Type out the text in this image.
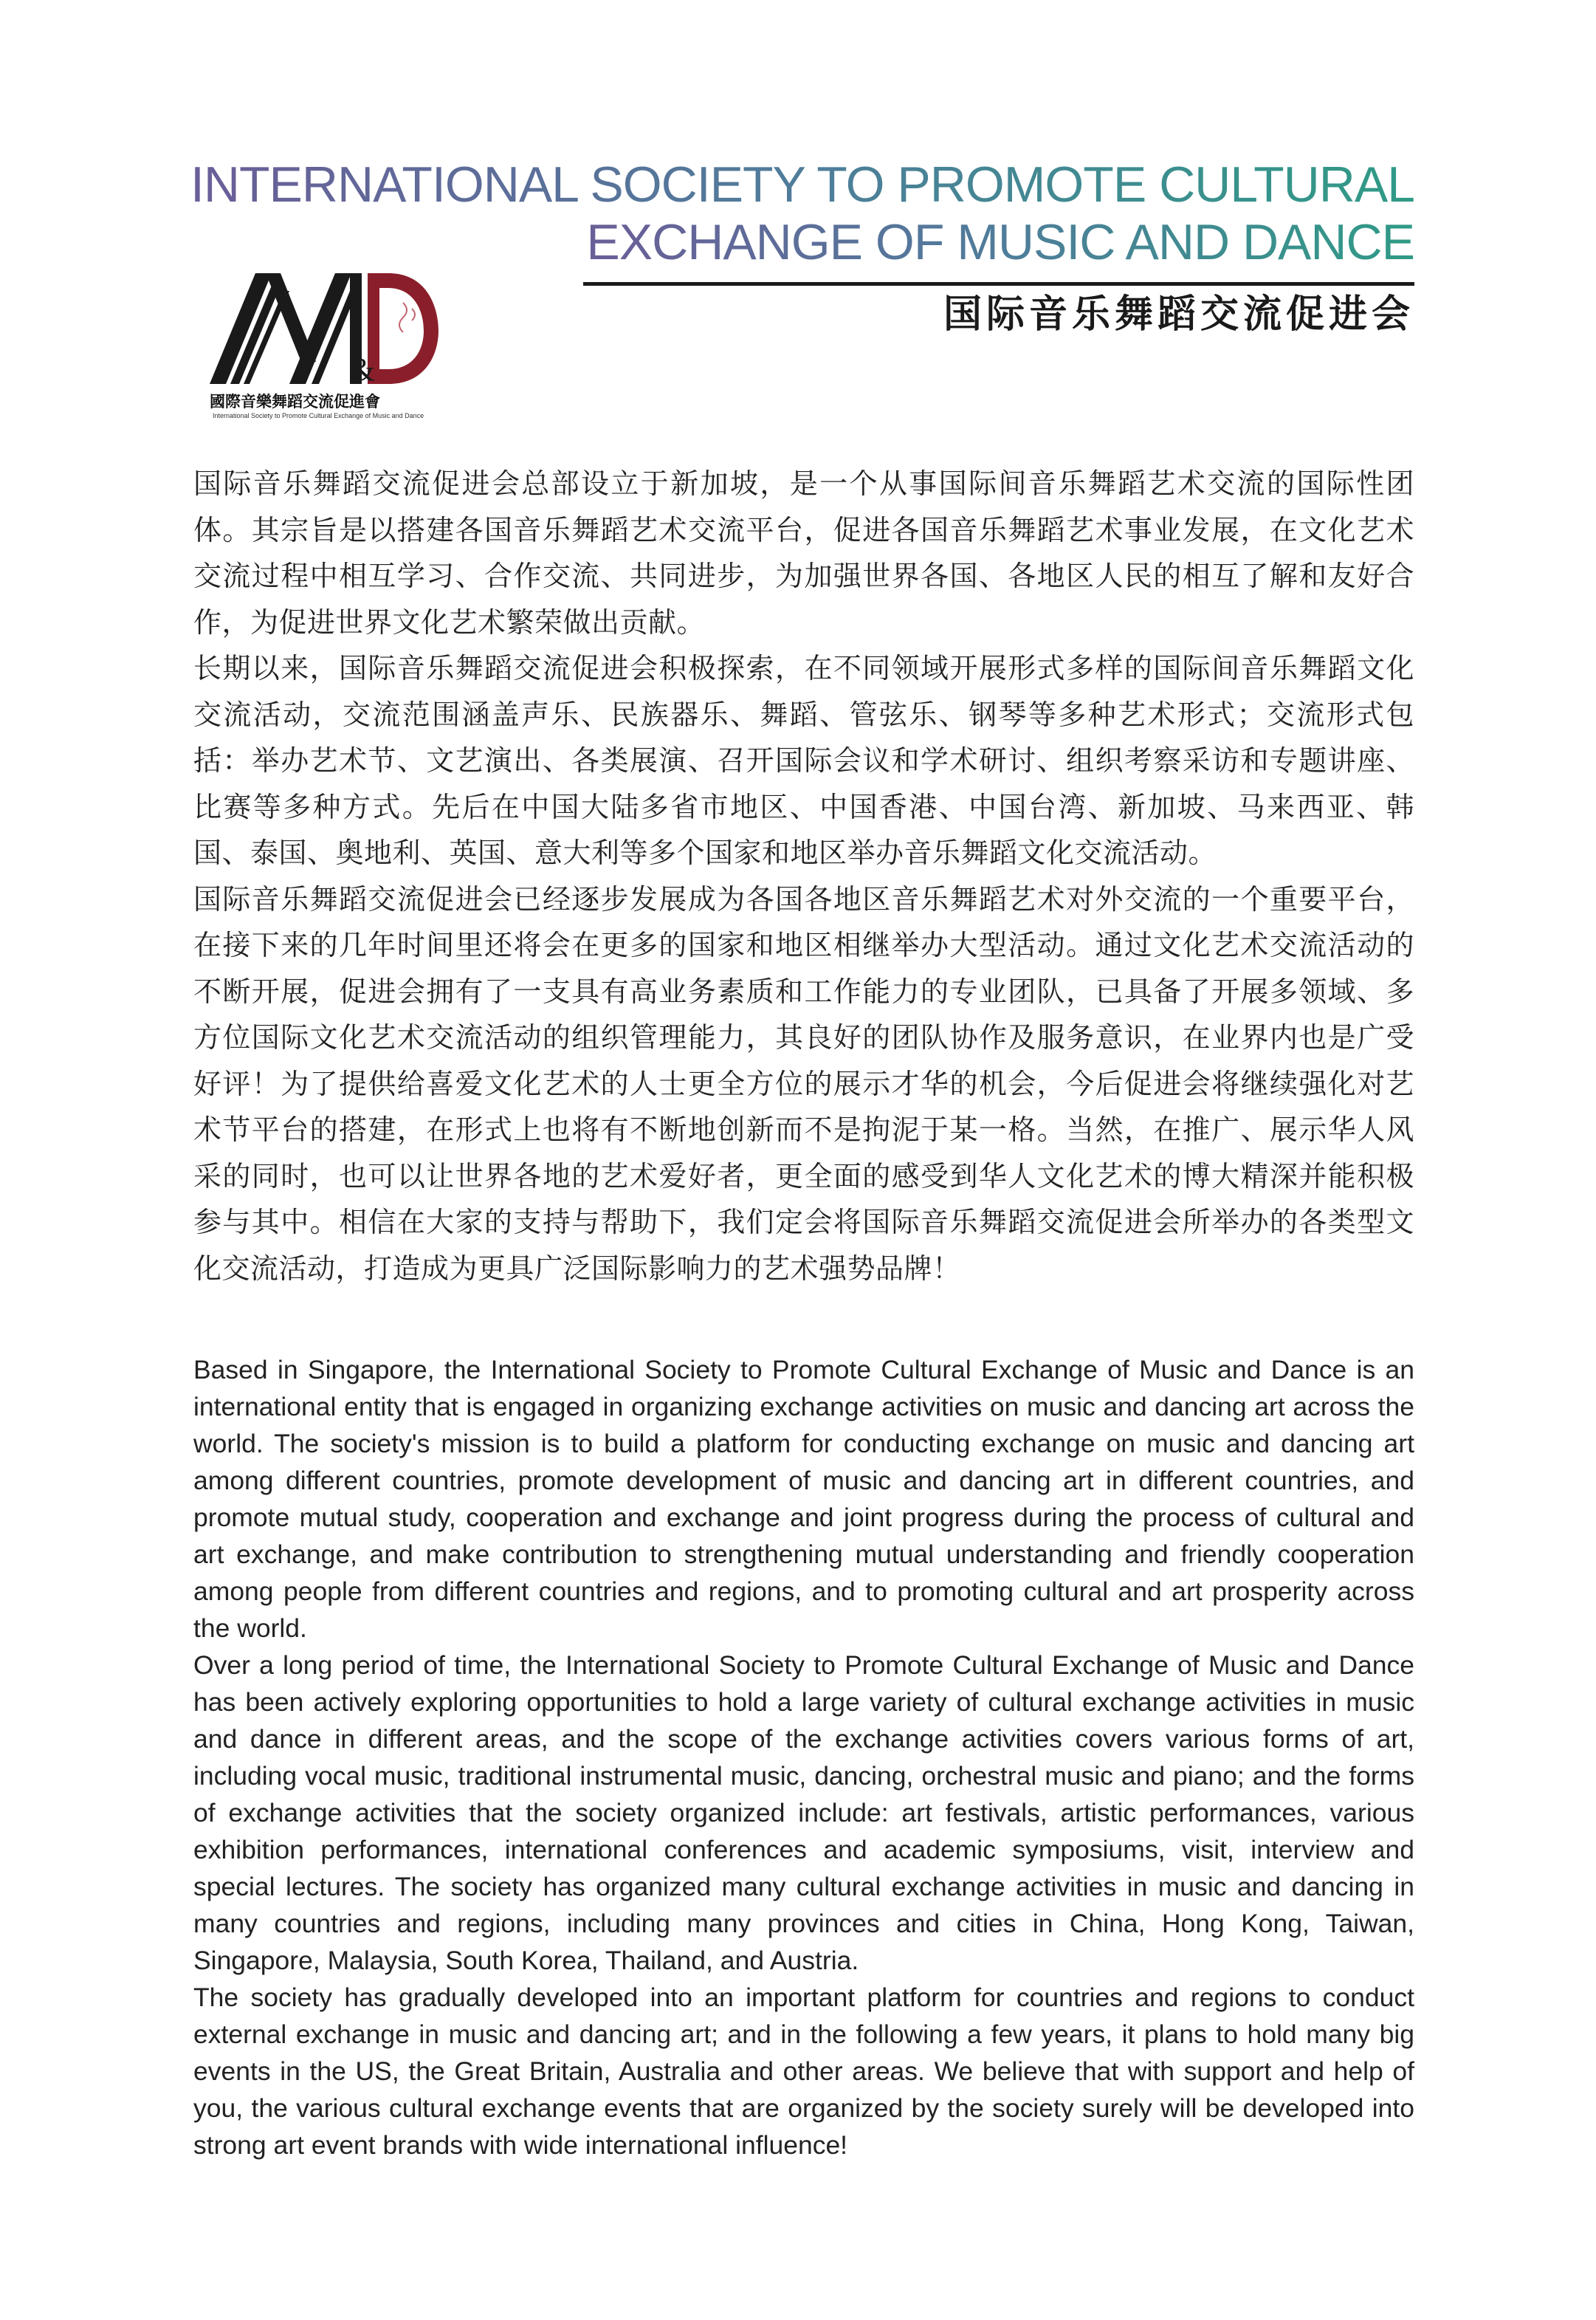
INTERNATIONAL SOCIETY TO PROMOTE CULTURAL
EXCHANGE OF MUSIC AND DANCE
国际音乐舞蹈交流促进会
&
國際音樂舞蹈交流促進會
International Society to Promote Cultural Exchange of Music and Dance

国际音乐舞蹈交流促进会总部设立于新加坡，是一个从事国际间音乐舞蹈艺术交流的国际性团体。其宗旨是以搭建各国音乐舞蹈艺术交流平台，促进各国音乐舞蹈艺术事业发展，在文化艺术交流过程中相互学习、合作交流、共同进步，为加强世界各国、各地区人民的相互了解和友好合作，为促进世界文化艺术繁荣做出贡献。

长期以来，国际音乐舞蹈交流促进会积极探索，在不同领域开展形式多样的国际间音乐舞蹈文化交流活动，交流范围涵盖声乐、民族器乐、舞蹈、管弦乐、钢琴等多种艺术形式；交流形式包括：举办艺术节、文艺演出、各类展演、召开国际会议和学术研讨、组织考察采访和专题讲座、比赛等多种方式。先后在中国大陆多省市地区、中国香港、中国台湾、新加坡、马来西亚、韩国、泰国、奥地利、英国、意大利等多个国家和地区举办音乐舞蹈文化交流活动。

国际音乐舞蹈交流促进会已经逐步发展成为各国各地区音乐舞蹈艺术对外交流的一个重要平台，在接下来的几年时间里还将会在更多的国家和地区相继举办大型活动。通过文化艺术交流活动的不断开展，促进会拥有了一支具有高业务素质和工作能力的专业团队，已具备了开展多领域、多方位国际文化艺术交流活动的组织管理能力，其良好的团队协作及服务意识，在业界内也是广受好评！为了提供给喜爱文化艺术的人士更全方位的展示才华的机会，今后促进会将继续强化对艺术节平台的搭建，在形式上也将有不断地创新而不是拘泥于某一格。当然，在推广、展示华人风采的同时，也可以让世界各地的艺术爱好者，更全面的感受到华人文化艺术的博大精深并能积极参与其中。相信在大家的支持与帮助下，我们定会将国际音乐舞蹈交流促进会所举办的各类型文化交流活动，打造成为更具广泛国际影响力的艺术强势品牌！

Based in Singapore, the International Society to Promote Cultural Exchange of Music and Dance is an international entity that is engaged in organizing exchange activities on music and dancing art across the world. The society's mission is to build a platform for conducting exchange on music and dancing art among different countries, promote development of music and dancing art in different countries, and promote mutual study, cooperation and exchange and joint progress during the process of cultural and art exchange, and make contribution to strengthening mutual understanding and friendly cooperation among people from different countries and regions, and to promoting cultural and art prosperity across the world.

Over a long period of time, the International Society to Promote Cultural Exchange of Music and Dance has been actively exploring opportunities to hold a large variety of cultural exchange activities in music and dance in different areas, and the scope of the exchange activities covers various forms of art, including vocal music, traditional instrumental music, dancing, orchestral music and piano; and the forms of exchange activities that the society organized include: art festivals, artistic performances, various exhibition performances, international conferences and academic symposiums, visit, interview and special lectures. The society has organized many cultural exchange activities in music and dancing in many countries and regions, including many provinces and cities in China, Hong Kong, Taiwan, Singapore, Malaysia, South Korea, Thailand, and Austria.

The society has gradually developed into an important platform for countries and regions to conduct external exchange in music and dancing art; and in the following a few years, it plans to hold many big events in the US, the Great Britain, Australia and other areas. We believe that with support and help of you, the various cultural exchange events that are organized by the society surely will be developed into strong art event brands with wide international influence!
